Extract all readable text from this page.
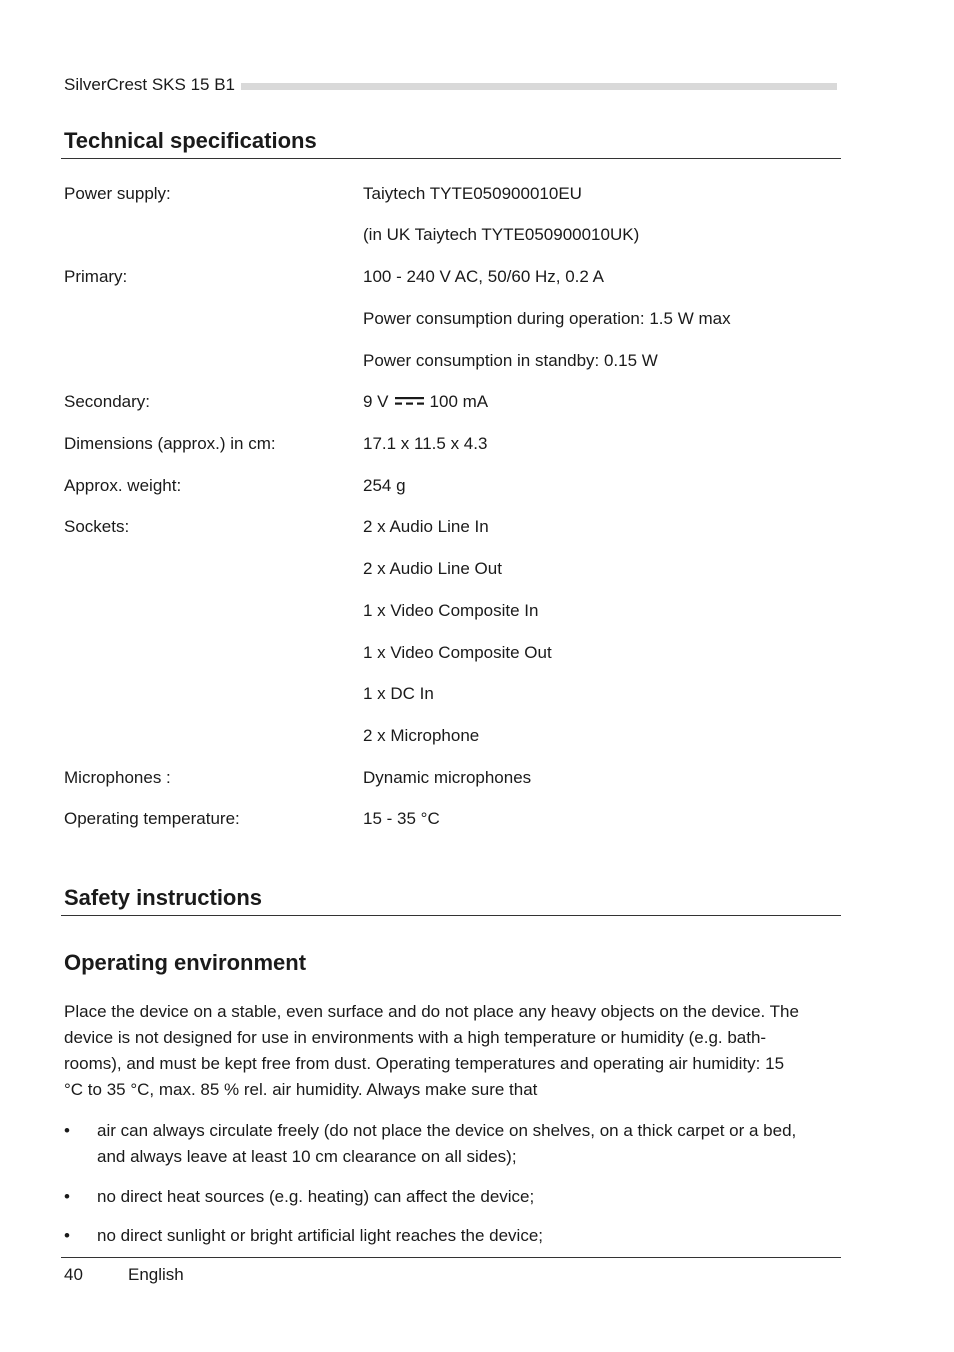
SilverCrest SKS 15 B1
Technical specifications
Power supply:	Taiytech TYTE050900010EU
(in UK Taiytech TYTE050900010UK)
Primary:	100 - 240 V AC, 50/60 Hz, 0.2 A
Power consumption during operation: 1.5 W max
Power consumption in standby: 0.15 W
Secondary:	9 V 100 mA
Dimensions (approx.) in cm:	17.1 x 11.5 x 4.3
Approx. weight:	254 g
Sockets:	2 x Audio Line In
2 x Audio Line Out
1 x Video Composite In
1 x Video Composite Out
1 x DC In
2 x Microphone
Microphones :	Dynamic microphones
Operating temperature:	15 - 35 °C
Safety instructions
Operating environment
Place the device on a stable, even surface and do not place any heavy objects on the device. The
device is not designed for use in environments with a high temperature or humidity (e.g. bath-
rooms), and must be kept free from dust. Operating temperatures and operating air humidity: 15
°C to 35 °C, max. 85 % rel. air humidity. Always make sure that
•	air can always circulate freely (do not place the device on shelves, on a thick carpet or a bed,
and always leave at least 10 cm clearance on all sides);
•	no direct heat sources (e.g. heating) can affect the device;
•	no direct sunlight or bright artificial light reaches the device;
40	English
